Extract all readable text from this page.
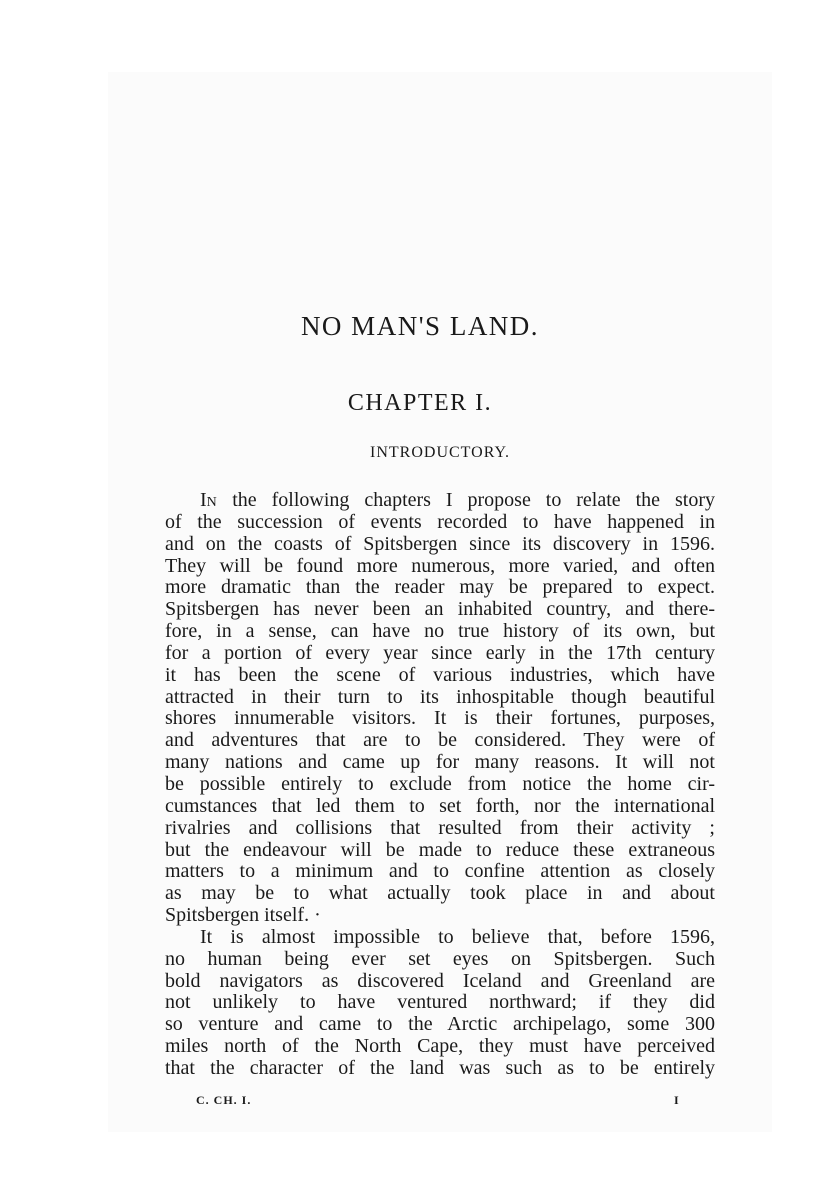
NO MAN'S LAND.
CHAPTER I.
INTRODUCTORY.
IN the following chapters I propose to relate the story
of the succession of events recorded to have happened in
and on the coasts of Spitsbergen since its discovery in 1596.
They will be found more numerous, more varied, and often
more dramatic than the reader may be prepared to expect.
Spitsbergen has never been an inhabited country, and there-
fore, in a sense, can have no true history of its own, but
for a portion of every year since early in the 17th century
it has been the scene of various industries, which have
attracted in their turn to its inhospitable though beautiful
shores innumerable visitors. It is their fortunes, purposes,
and adventures that are to be considered. They were of
many nations and came up for many reasons. It will not
be possible entirely to exclude from notice the home cir-
cumstances that led them to set forth, nor the international
rivalries and collisions that resulted from their activity ;
but the endeavour will be made to reduce these extraneous
matters to a minimum and to confine attention as closely
as may be to what actually took place in and about
Spitsbergen itself. ·
It is almost impossible to believe that, before 1596,
no human being ever set eyes on Spitsbergen. Such
bold navigators as discovered Iceland and Greenland are
not unlikely to have ventured northward; if they did
so venture and came to the Arctic archipelago, some 300
miles north of the North Cape, they must have perceived
that the character of the land was such as to be entirely
C. CH. I.	I
